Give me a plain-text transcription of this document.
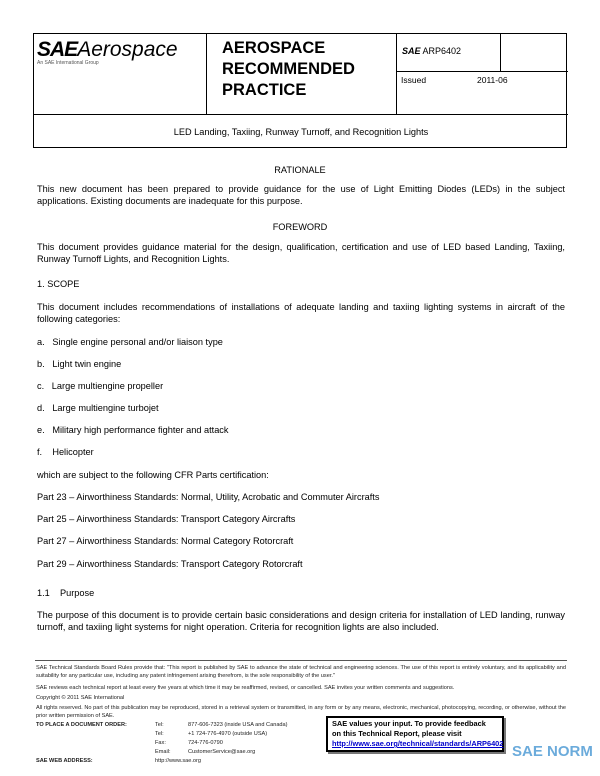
SAEAerospace
An SAE International Group
AEROSPACE
RECOMMENDED
PRACTICE
SAE ARP6402
Issued	2011-06
LED Landing, Taxiing, Runway Turnoff, and Recognition Lights
RATIONALE
This new document has been prepared to provide guidance for the use of Light Emitting Diodes (LEDs) in the subject applications. Existing documents are inadequate for this purpose.
FOREWORD
This document provides guidance material for the design, qualification, certification and use of LED based Landing, Taxiing, Runway Turnoff Lights, and Recognition Lights.
1. SCOPE
This document includes recommendations of installations of adequate landing and taxiing lighting systems in aircraft of the following categories:
a.   Single engine personal and/or liaison type
b.   Light twin engine
c.   Large multiengine propeller
d.   Large multiengine turbojet
e.   Military high performance fighter and attack
f.    Helicopter
which are subject to the following CFR Parts certification:
Part 23 – Airworthiness Standards: Normal, Utility, Acrobatic and Commuter Aircrafts
Part 25 – Airworthiness Standards: Transport Category Aircrafts
Part 27 – Airworthiness Standards: Normal Category Rotorcraft
Part 29 – Airworthiness Standards: Transport Category Rotorcraft
1.1    Purpose
The purpose of this document is to provide certain basic considerations and design criteria for installation of LED landing, runway turnoff, and taxiing light systems for night operation. Criteria for recognition lights are also included.
SAE Technical Standards Board Rules provide that: "This report is published by SAE to advance the state of technical and engineering sciences. The use of this report is entirely voluntary, and its applicability and suitability for any particular use, including any patent infringement arising therefrom, is the sole responsibility of the user."
SAE reviews each technical report at least every five years at which time it may be reaffirmed, revised, or cancelled. SAE invites your written comments and suggestions.
Copyright © 2011 SAE International
All rights reserved. No part of this publication may be reproduced, stored in a retrieval system or transmitted, in any form or by any means, electronic, mechanical, photocopying, recording, or otherwise, without the prior written permission of SAE.
TO PLACE A DOCUMENT ORDER:	Tel:	877-606-7323 (inside USA and Canada)
Tel:	+1 724-776-4970 (outside USA)
Fax:	724-776-0790
Email:	CustomerService@sae.org
SAE WEB ADDRESS:	http://www.sae.org
SAE values your input. To provide feedback
on this Technical Report, please visit
http://www.sae.org/technical/standards/ARP6402 SAE NORM
